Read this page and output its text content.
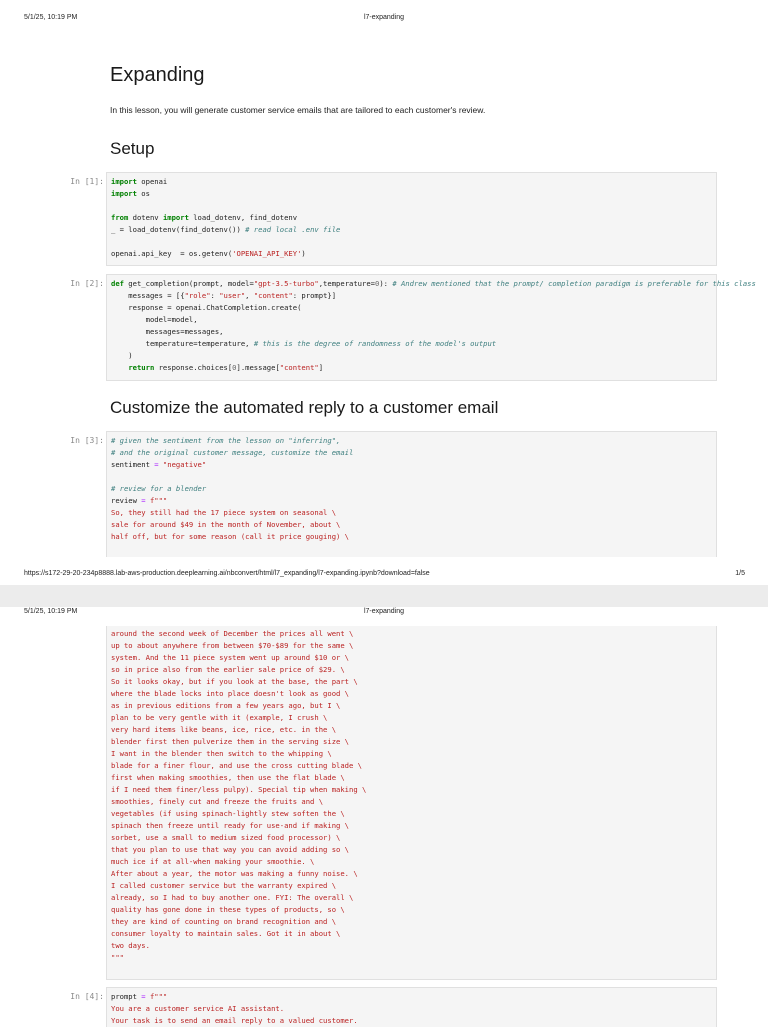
5/1/25, 10:19 PM	l7-expanding
Expanding

In this lesson, you will generate customer service emails that are tailored to each customer's review.

Setup
In [1]: import openai
import os

from dotenv import load_dotenv, find_dotenv
_ = load_dotenv(find_dotenv()) # read local .env file

openai.api_key  = os.getenv('OPENAI_API_KEY')
In [2]: def get_completion(prompt, model="gpt-3.5-turbo",temperature=0): # Andrew mentioned that the prompt/ completion paradigm is preferable for this class
messages = [{"role": "user", "content": prompt}]
response = openai.ChatCompletion.create(
model=model,
messages=messages,
temperature=temperature, # this is the degree of randomness of the model's output
)
return response.choices[0].message["content"]
Customize the automated reply to a customer email
In [3]: # given the sentiment from the lesson on "inferring",
# and the original customer message, customize the email
sentiment = "negative"

# review for a blender
review = f"""
So, they still had the 17 piece system on seasonal \
sale for around $49 in the month of November, about \
half off, but for some reason (call it price gouging) \
https://s172-29-20-234p8888.lab-aws-production.deeplearning.ai/nbconvert/html/l7_expanding/l7-expanding.ipynb?download=false	1/5
5/1/25, 10:19 PM	l7-expanding
around the second week of December the prices all went \
up to about anywhere from between $70-$89 for the same \
system. And the 11 piece system went up around $10 or \
so in price also from the earlier sale price of $29. \
So it looks okay, but if you look at the base, the part \
where the blade locks into place doesn't look as good \
as in previous editions from a few years ago, but I \
plan to be very gentle with it (example, I crush \
very hard items like beans, ice, rice, etc. in the \
blender first then pulverize them in the serving size \
I want in the blender then switch to the whipping \
blade for a finer flour, and use the cross cutting blade \
first when making smoothies, then use the flat blade \
if I need them finer/less pulpy). Special tip when making \
smoothies, finely cut and freeze the fruits and \
vegetables (if using spinach-lightly stew soften the \
spinach then freeze until ready for use-and if making \
sorbet, use a small to medium sized food processor) \
that you plan to use that way you can avoid adding so \
much ice if at all-when making your smoothie. \
After about a year, the motor was making a funny noise. \
I called customer service but the warranty expired \
already, so I had to buy another one. FYI: The overall \
quality has gone done in these types of products, so \
they are kind of counting on brand recognition and \
consumer loyalty to maintain sales. Got it in about \
two days.
"""
In [4]: prompt = f"""
You are a customer service AI assistant.
Your task is to send an email reply to a valued customer.
